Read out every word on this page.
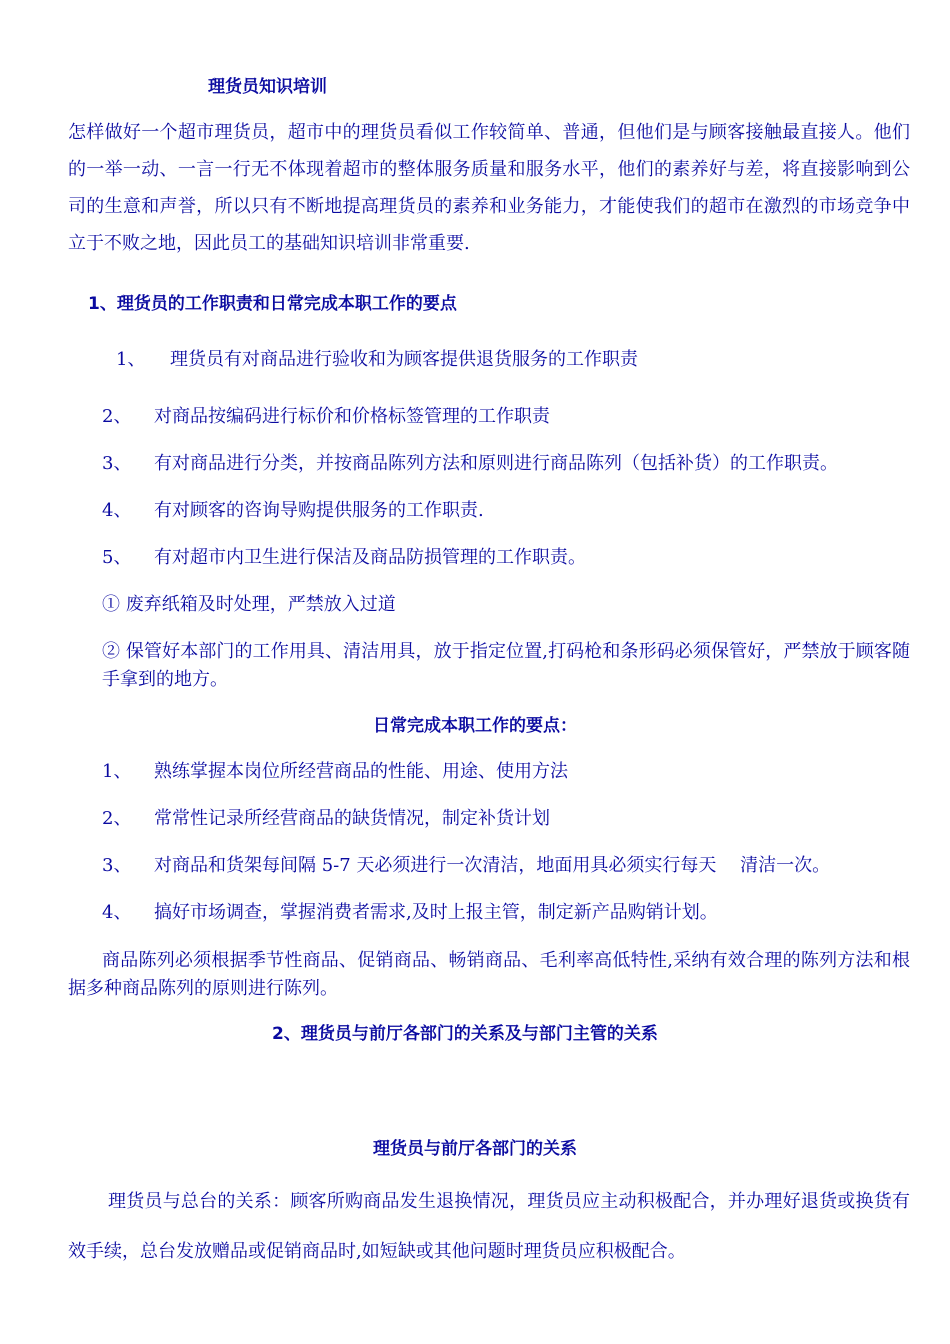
理货员知识培训
怎样做好一个超市理货员，超市中的理货员看似工作较简单、普通，但他们是与顾客接触最直接人。他们的一举一动、一言一行无不体现着超市的整体服务质量和服务水平，他们的素养好与差，将直接影响到公司的生意和声誉，所以只有不断地提高理货员的素养和业务能力，才能使我们的超市在激烈的市场竞争中立于不败之地，因此员工的基础知识培训非常重要.
1、理货员的工作职责和日常完成本职工作的要点
1、 理货员有对商品进行验收和为顾客提供退货服务的工作职责
2、 对商品按编码进行标价和价格标签管理的工作职责
3、 有对商品进行分类，并按商品陈列方法和原则进行商品陈列（包括补货）的工作职责。
4、 有对顾客的咨询导购提供服务的工作职责.
5、 有对超市内卫生进行保洁及商品防损管理的工作职责。
① 废弃纸箱及时处理，严禁放入过道
② 保管好本部门的工作用具、清洁用具，放于指定位置,打码枪和条形码必须保管好，严禁放于顾客随手拿到的地方。
日常完成本职工作的要点：
1、 熟练掌握本岗位所经营商品的性能、用途、使用方法
2、 常常性记录所经营商品的缺货情况，制定补货计划
3、 对商品和货架每间隔 5-7 天必须进行一次清洁，地面用具必须实行每天　 清洁一次。
4、 搞好市场调查，掌握消费者需求,及时上报主管，制定新产品购销计划。
商品陈列必须根据季节性商品、促销商品、畅销商品、毛利率高低特性,采纳有效合理的陈列方法和根据多种商品陈列的原则进行陈列。
2、理货员与前厅各部门的关系及与部门主管的关系
理货员与前厅各部门的关系
理货员与总台的关系：顾客所购商品发生退换情况，理货员应主动积极配合，并办理好退货或换货有效手续，总台发放赠品或促销商品时,如短缺或其他问题时理货员应积极配合。
